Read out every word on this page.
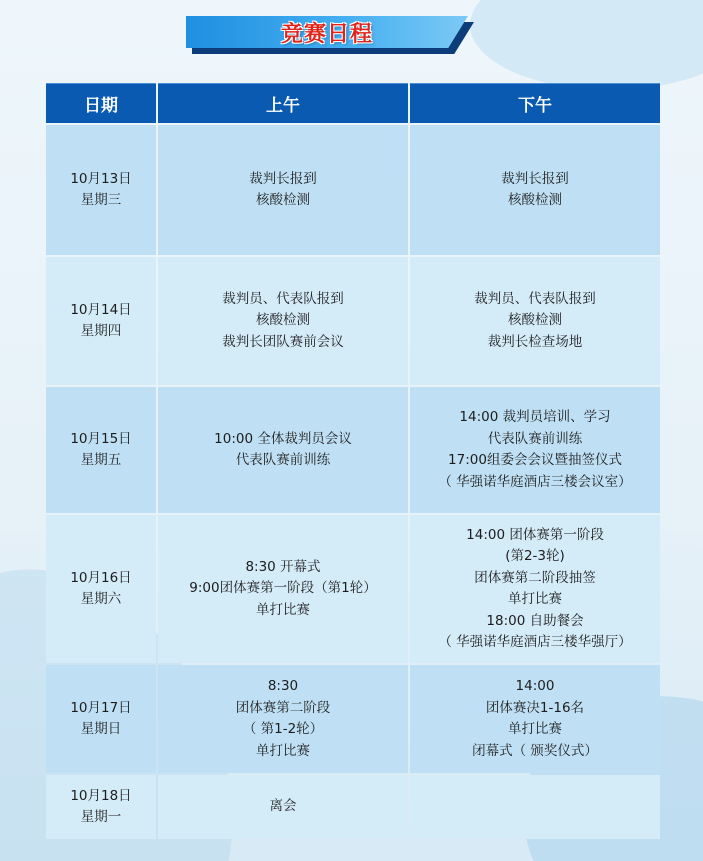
竞赛日程
日期	上午	下午
10月13日
星期三
裁判长报到
核酸检测
裁判长报到
核酸检测
10月14日
星期四
裁判员、代表队报到
核酸检测
裁判长团队赛前会议
裁判员、代表队报到
核酸检测
裁判长检查场地
10月15日
星期五
10:00 全体裁判员会议
代表队赛前训练
14:00 裁判员培训、学习
代表队赛前训练
17:00组委会会议暨抽签仪式
（ 华强诺华庭酒店三楼会议室）
10月16日
星期六
8:30 开幕式
9:00团体赛第一阶段（第1轮）
单打比赛
14:00 团体赛第一阶段
(第2-3轮)
团体赛第二阶段抽签
单打比赛
18:00 自助餐会
（ 华强诺华庭酒店三楼华强厅）
10月17日
星期日
8:30
团体赛第二阶段
（ 第1-2轮）
单打比赛
14:00
团体赛决1-16名
单打比赛
闭幕式（ 颁奖仪式）
10月18日
星期一
离会
